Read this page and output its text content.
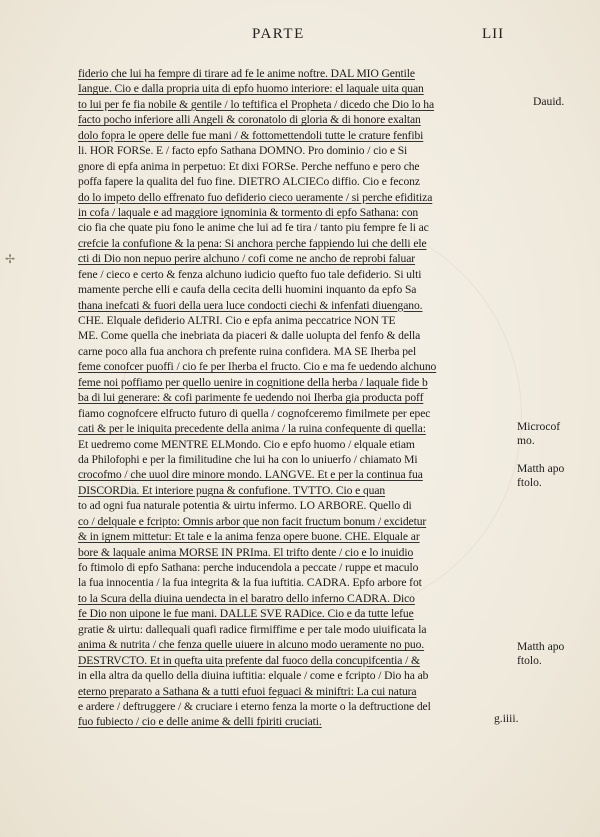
PARTE	LII
✢
fiderio che lui ha fempre di tirare ad fe le anime noftre. DAL MIO Gentile
Iangue. Cio e dalla propria uita di epfo huomo interiore: el laquale uita quan
to lui per fe fia nobile & gentile / lo teftifica el Propheta / dicedo che Dio lo ha
facto pocho inferiore alli Angeli & coronatolo di gloria & di honore exaltan
dolo fopra le opere delle fue mani / & fottomettendoli tutte le crature fenfibi
li. HOR FORSe. E / facto epfo Sathana DOMNO. Pro dominio / cio e Si
gnore di epfa anima in perpetuo: Et dixi FORSe. Perche neffuno e pero che
poffa fapere la qualita del fuo fine. DIETRO ALCIECo diffio. Cio e feconz
do lo impeto dello effrenato fuo defiderio cieco ueramente / si perche efiditiza
in cofa / laquale e ad maggiore ignominia & tormento di epfo Sathana: con
cio fia che quate piu fono le anime che lui ad fe tira / tanto piu fempre fe li ac
crefcie la confufione & la pena: Si anchora perche fappiendo lui che delli ele
cti di Dio non nepuo perire alchuno / cofi come ne ancho de reprobi faluar
fene / cieco e certo & fenza alchuno iudicio quefto fuo tale defiderio. Si ulti
mamente perche elli e caufa della cecita delli huomini inquanto da epfo Sa
thana inefcati & fuori della uera luce condocti ciechi & infenfati diuengano.
CHE. Elquale defiderio ALTRI. Cio e epfa anima peccatrice NON TE
ME. Come quella che inebriata da piaceri & dalle uolupta del fenfo & della
carne poco alla fua anchora ch prefente ruina confidera. MA SE Iherba pel
feme conofcer puoffi / cio fe per Iherba el fructo. Cio e ma fe uedendo alchuno
feme noi poffiamo per quello uenire in cognitione della herba / laquale fide b
ba di lui generare: & cofi parimente fe uedendo noi Iherba gia producta poff
fiamo cognofcere elfructo futuro di quella / cognofceremo fimilmete per epec
cati & per le iniquita precedente della anima / la ruina confequente di quella:
Et uedremo come MENTRE ELMondo. Cio e epfo huomo / elquale etiam
da Philofophi e per la fimilitudine che lui ha con lo uniuerfo / chiamato Mi
crocofmo / che uuol dire minore mondo. LANGVE. Et e per la continua fua
DISCORDia. Et interiore pugna & confufione. TVTTO. Cio e quan
to ad ogni fua naturale potentia & uirtu infermo. LO ARBORE. Quello di
co / delquale e fcripto: Omnis arbor que non facit fructum bonum / excidetur
& in ignem mittetur: Et tale e la anima fenza opere buone. CHE. Elquale ar
bore & laquale anima MORSE IN PRIma. El trifto dente / cio e lo inuidio
fo ftimolo di epfo Sathana: perche inducendola a peccate / ruppe et maculo
la fua innocentia / la fua integrita & la fua iuftitia. CADRA. Epfo arbore fot
to la Scura della diuina uendecta in el baratro dello inferno CADRA. Dico
fe Dio non uipone le fue mani. DALLE SVE RADice. Cio e da tutte lefue
gratie & uirtu: dallequali quafi radice firmiffime e per tale modo uiuificata la
anima & nutrita / che fenza quelle uiuere in alcuno modo ueramente no puo.
DESTRVCTO. Et in quefta uita prefente dal fuoco della concupifcentia / &
in ella altra da quello della diuina iuftitia: elquale / come e fcripto / Dio ha ab
eterno preparato a Sathana & a tutti efuoi feguaci & miniftri: La cui natura
e ardere / deftruggere / & cruciare i eterno fenza la morte o la deftructione del
fuo fubiecto / cio e delle anime & delli fpiriti cruciati.
Dauid.
Microcof
mo.
Matth apo
ftolo.
Matth apo
ftolo.
g.iiii.
